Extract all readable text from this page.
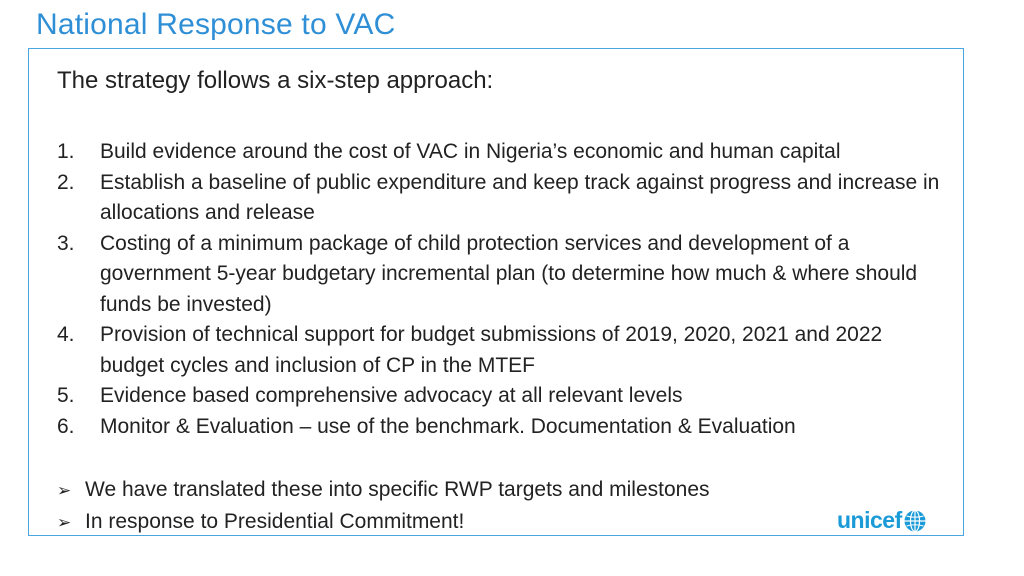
National Response to VAC
The strategy follows a six-step approach:
1.	Build evidence around the cost of VAC in Nigeria’s economic and human capital
2.	Establish a baseline of public expenditure and keep track against progress and increase in allocations and release
3.	Costing of a minimum package of child protection services and development of a government 5-year budgetary incremental plan (to determine how much & where should funds be invested)
4.	Provision of technical support for budget submissions of 2019, 2020, 2021 and 2022 budget cycles and inclusion of CP in the MTEF
5.	Evidence based comprehensive advocacy at all relevant levels
6.	Monitor & Evaluation – use of the benchmark. Documentation & Evaluation
➢ We have translated these into specific RWP targets and milestones
➢ In response to Presidential Commitment!	unicef
